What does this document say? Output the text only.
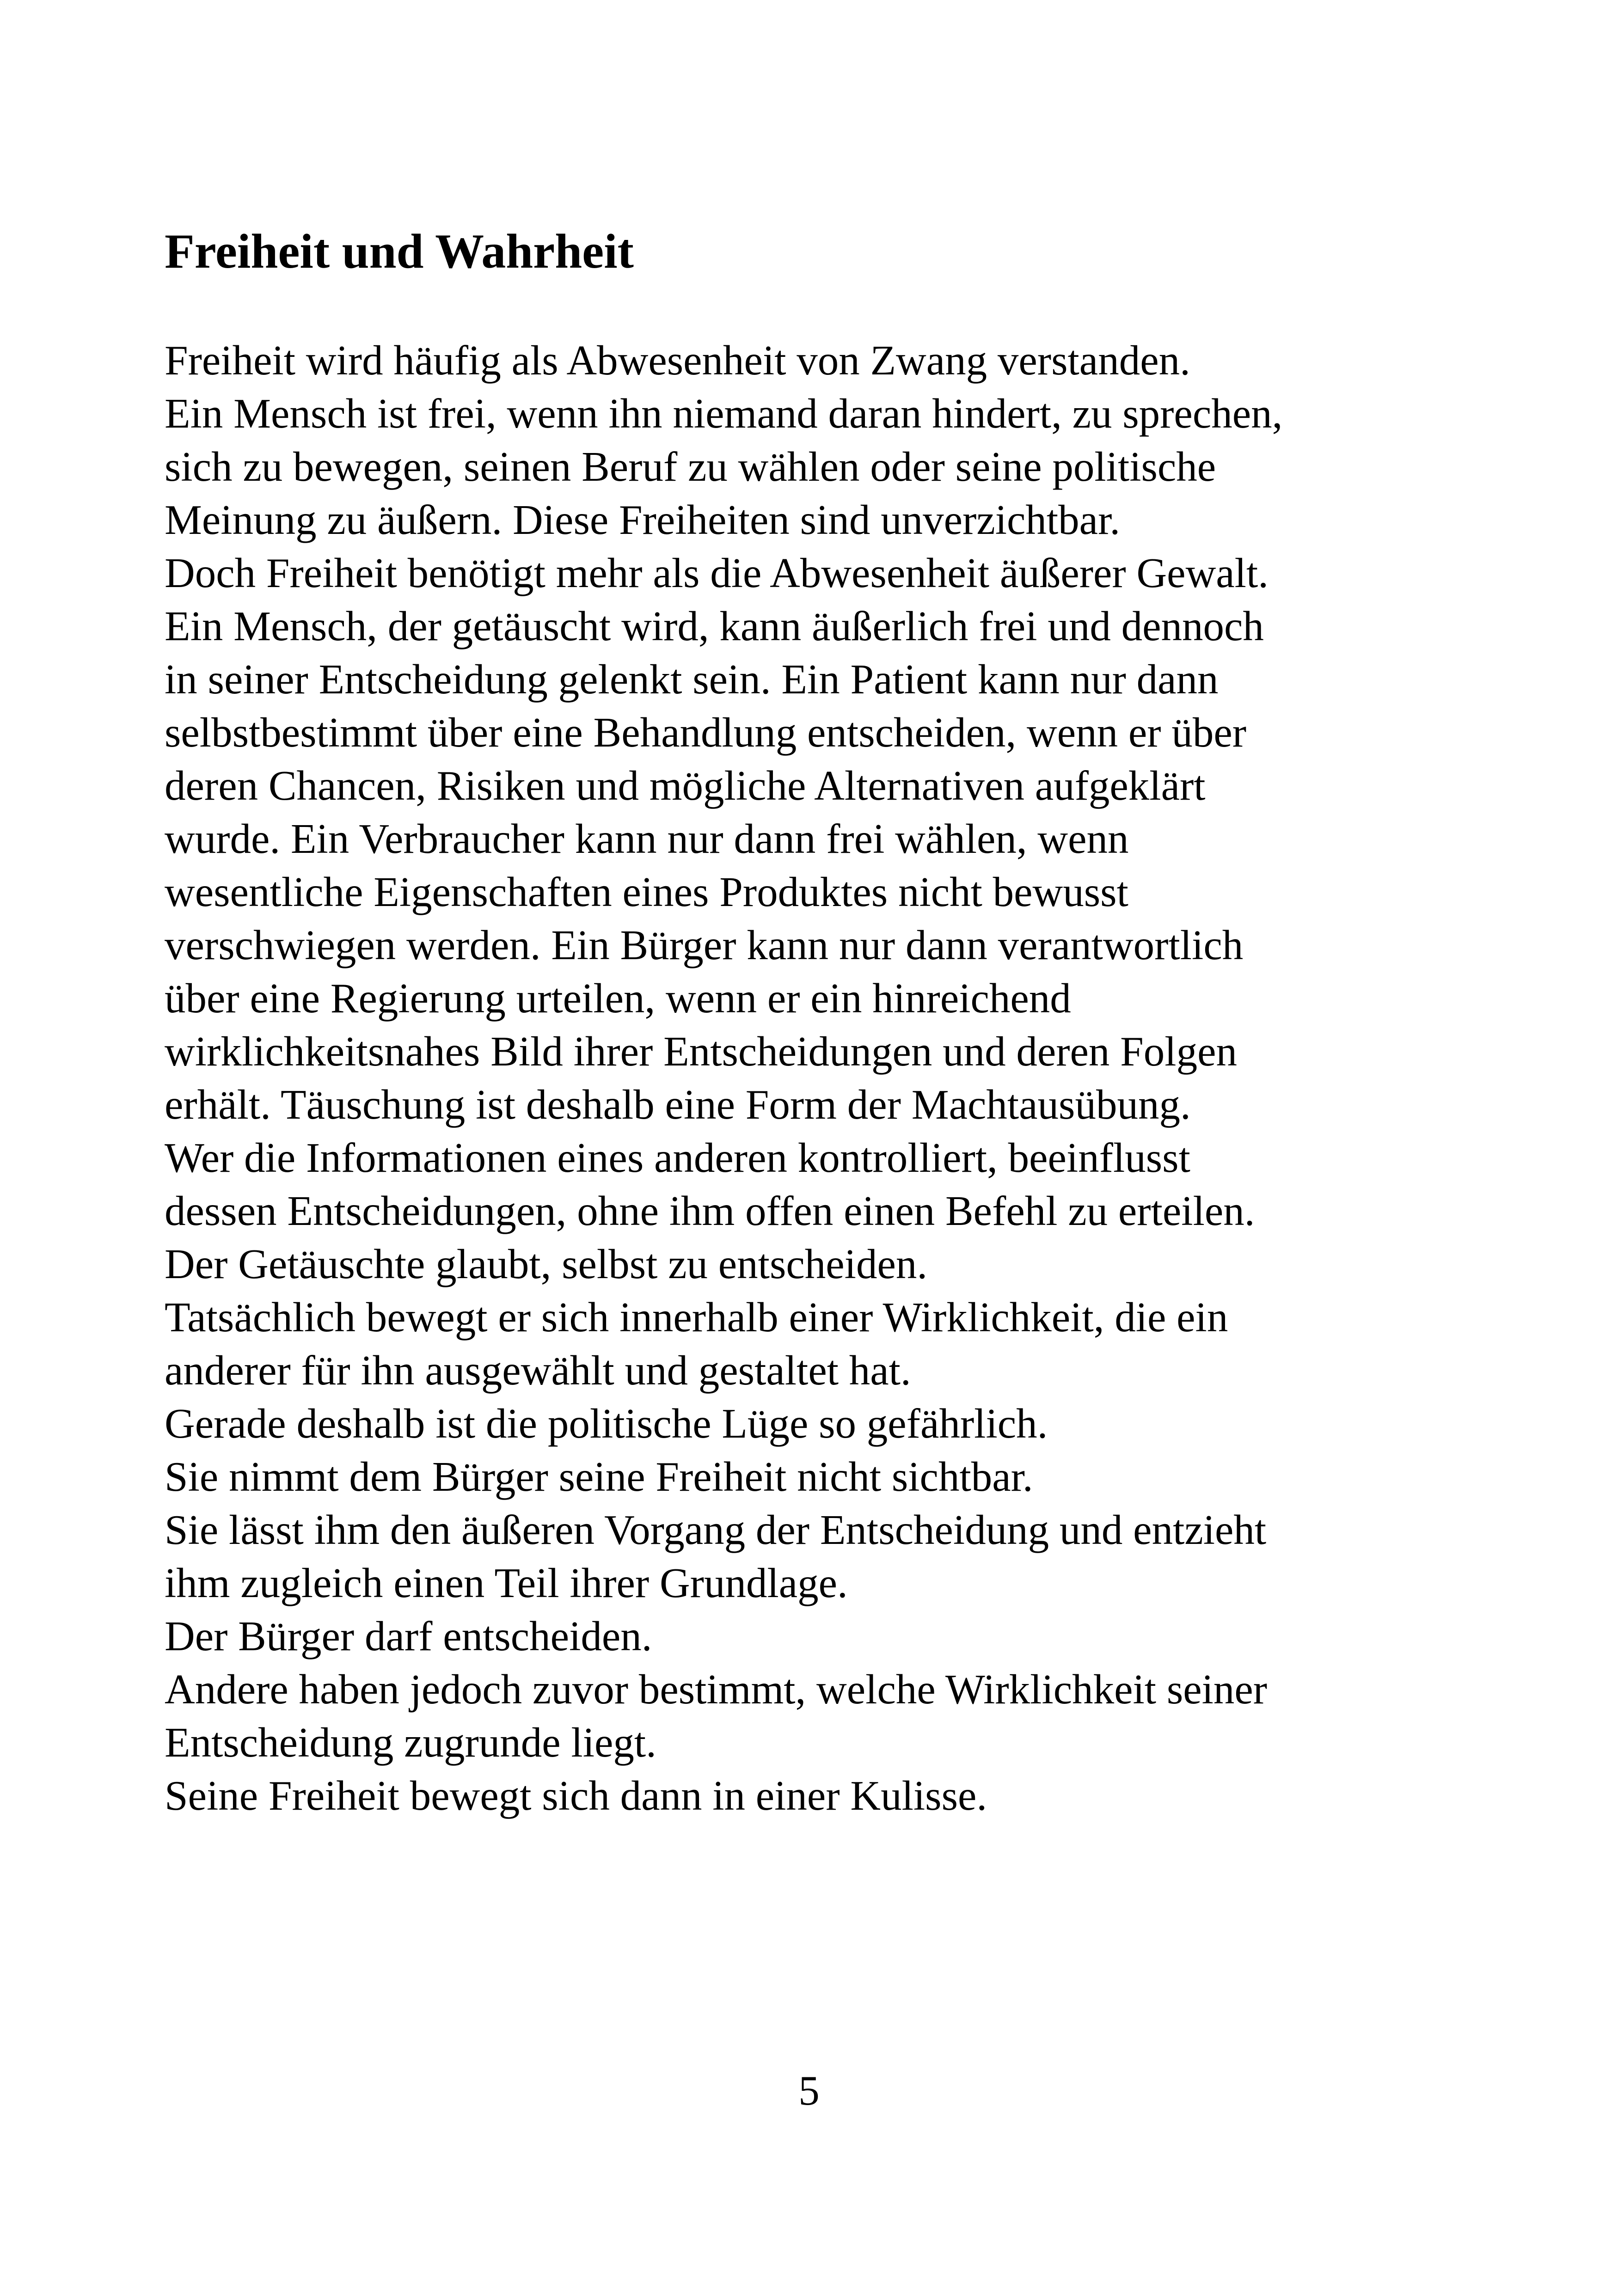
Freiheit und Wahrheit
Freiheit wird häufig als Abwesenheit von Zwang verstanden.
Ein Mensch ist frei, wenn ihn niemand daran hindert, zu sprechen,
sich zu bewegen, seinen Beruf zu wählen oder seine politische
Meinung zu äußern. Diese Freiheiten sind unverzichtbar.
Doch Freiheit benötigt mehr als die Abwesenheit äußerer Gewalt.
Ein Mensch, der getäuscht wird, kann äußerlich frei und dennoch
in seiner Entscheidung gelenkt sein. Ein Patient kann nur dann
selbstbestimmt über eine Behandlung entscheiden, wenn er über
deren Chancen, Risiken und mögliche Alternativen aufgeklärt
wurde. Ein Verbraucher kann nur dann frei wählen, wenn
wesentliche Eigenschaften eines Produktes nicht bewusst
verschwiegen werden. Ein Bürger kann nur dann verantwortlich
über eine Regierung urteilen, wenn er ein hinreichend
wirklichkeitsnahes Bild ihrer Entscheidungen und deren Folgen
erhält. Täuschung ist deshalb eine Form der Machtausübung.
Wer die Informationen eines anderen kontrolliert, beeinflusst
dessen Entscheidungen, ohne ihm offen einen Befehl zu erteilen.
Der Getäuschte glaubt, selbst zu entscheiden.
Tatsächlich bewegt er sich innerhalb einer Wirklichkeit, die ein
anderer für ihn ausgewählt und gestaltet hat.
Gerade deshalb ist die politische Lüge so gefährlich.
Sie nimmt dem Bürger seine Freiheit nicht sichtbar.
Sie lässt ihm den äußeren Vorgang der Entscheidung und entzieht
ihm zugleich einen Teil ihrer Grundlage.
Der Bürger darf entscheiden.
Andere haben jedoch zuvor bestimmt, welche Wirklichkeit seiner
Entscheidung zugrunde liegt.
Seine Freiheit bewegt sich dann in einer Kulisse.
5
